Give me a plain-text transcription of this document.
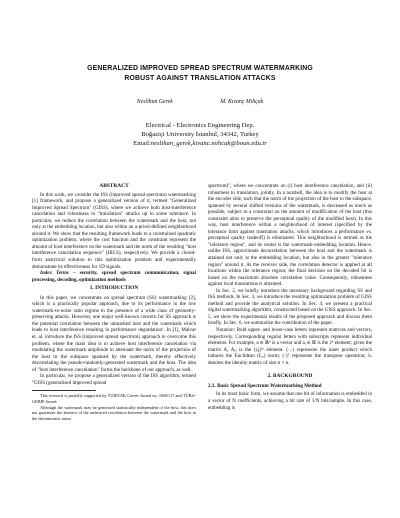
GENERALIZED IMPROVED SPREAD SPECTRUM WATERMARKING
ROBUST AGAINST TRANSLATION ATTACKS
Neslihan Gerek	M. Kıvanç Mıhçak
Electrical - Electronics Engineering Dep.
Boğaziçi University İstanbul, 34342, Turkey
Email:neslihan_gerek,kivanc.mihcak@boun.edu.tr
ABSTRACT

In this work, we consider the ISS (improved spread spectrum) watermarking [1] framework, and propose a generalized version of it, termed "Generalized Improved Spread Spectrum" (GISS), where we achieve both host-interference cancelation and robustness to "translation" attacks up to some tolerance. In particular, we reduce the correlation between the watermark and the host, not only at the embedding location, but also within an a-priori-defined neighborhood around it. We show that the resulting framework leads to a constrained quadratic optimization problem, where the cost function and the constraint represent the amount of host interference on the watermark and the norm of the resulting "host interference cancelation sequence" (HICS), respectively. We provide a closed-form analytical solution to this optimization problem and experimentally demonstrate its effectiveness for 1D signals.

Index Terms – security, spread spectrum communication, signal processing, decoding, optimization methods

1. INTRODUCTION

In this paper, we concentrate on spread spectrum (SS) watermarking [2], which is a practically popular approach, due to its performance in the low watermark-to-noise ratio regime in the presence of a wide class of geometry-preserving attacks. However, one major well-known concern for SS approach is the potential correlation between the unmarked host and the watermark which leads to host interference resulting in performance degradation¹. In [1], Malvar et. al. introduce the ISS (improved spread spectrum) approach to overcome this problem, where the main idea is to achieve host interference cancelation via modulating the watermark amplitude to attenuate the norm of the projection of the host to the subspace spanned by the watermark, thereby effectively decorrelating the pseudo-randomly-generated watermark and the host. The idea of "host interference cancelation" forms the backbone of our approach, as well.

In particular, we propose a generalized version of the ISS algorithm, termed "GISS (generalized improved spread

This research is partially supported by TÜBİTAK Career Award no. 106E117 and TÜBA-GEBIP Award.

Although the watermark may be generated statistically independent of the host, this does not guarantee the absence of the undesired correlation between the watermark and the host in the deterministic sense.

spectrum)", where we concentrate on (i) host interference cancelation, and (ii) robustness to translation, jointly. In a nutshell, the idea is to modify the host at the encoder side, such that the norm of the projection of the host to the subspace, spanned by several shifted versions of the watermark, is decreased as much as possible, subject to a constraint on the amount of modification of the host (this constraint aims to preserve the perceptual quality of the modified host). In this way, host interference within a neighborhood of interest (specified by the tolerance limit against translation attacks, which introduces a performance vs. perceptual quality tradeoff) is eliminated. This neighborhood is termed as the "tolerance region", and its center is the watermark-embedding location. Hence, unlike ISS, approximate decorrelation between the host and the watermark is attained not only at the embedding location, but also in the greater "tolerance region" around it. At the receiver side, the correlation detector is applied at all locations within the tolerance region; the final decision on the decoded bit is based on the maximum absolute correlation value. Consequently, robustness against local translations is obtained.

In Sec. 2, we briefly introduce the necessary background regarding SS and ISS methods. In Sec. 3, we introduce the resulting optimization problem of GISS method and provide the analytical solution. In Sec. 4, we present a practical digital watermarking algorithm, constructed based on the GISS approach. In Sec. 5, we show the experimental results of the proposed approach and discuss them briefly. In Sec. 6, we summarize the contribution of the paper.

Notation: Bold upper- and lower-case letters represent matrices and vectors, respectively. Corresponding regular letters with subscripts represent individual elements. For example, a ∈ ℝⁿ is a vector and aᵢ ∈ ℝ is the iᵗʰ element; given the matrix A, Aᵢⱼ is the (i,j)ᵗʰ element. (·,·) represents the inner product which induces the Euclidean (L₂) norm; (·)ᵀ represents the transpose operation; Iₙ denotes the identity matrix of size n × n.

2. BACKGROUND
2.1. Basic Spread Spectrum Watermarking Method

In its most basic form, we assume that one bit of information is embedded in a vector of N coefficients, achieving a bit rate of 1/N bits/sample. In this case, embedding is
